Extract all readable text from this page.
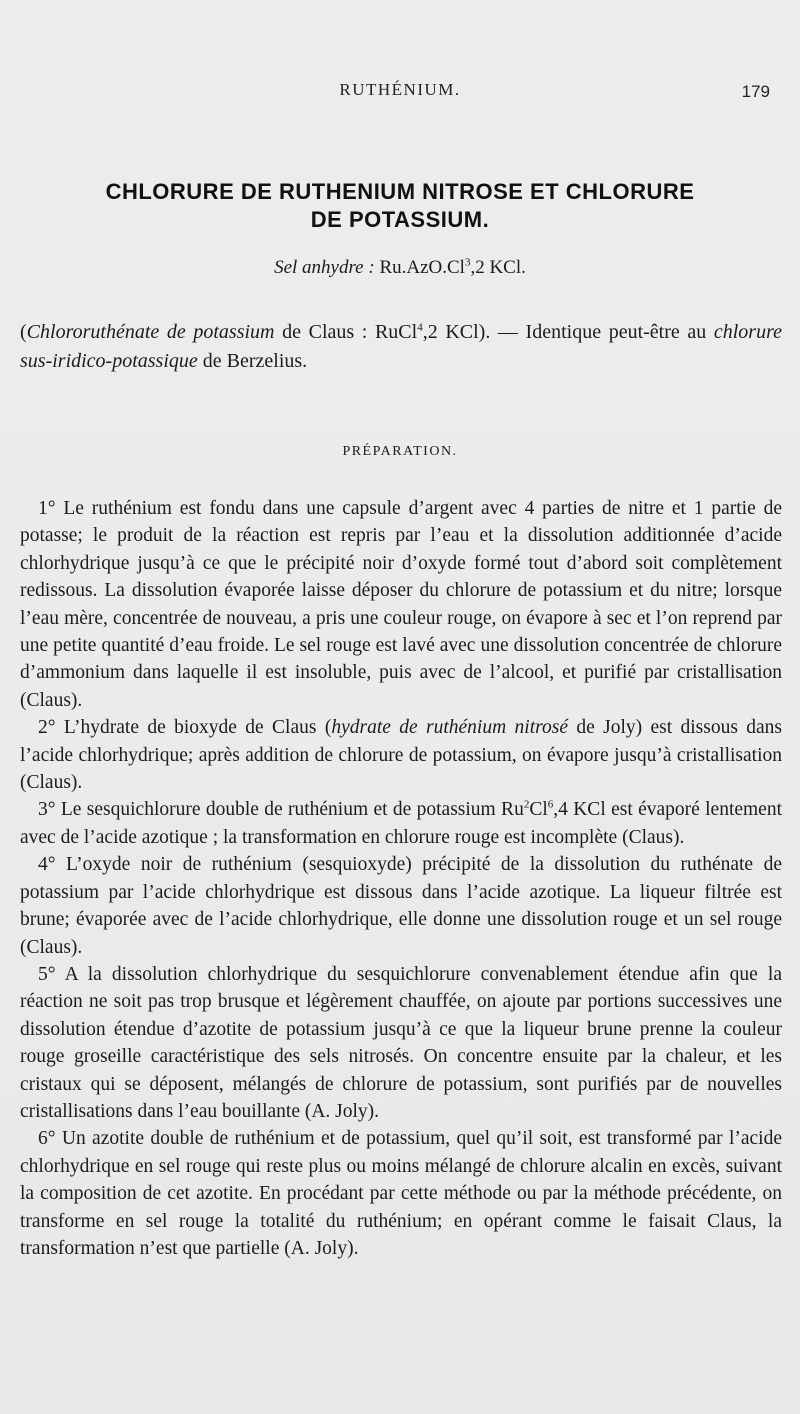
RUTHÉNIUM.	179
CHLORURE DE RUTHENIUM NITROSE ET CHLORURE
DE POTASSIUM.
Sel anhydre : Ru.AzO.Cl$^3$,2 KCl.
(Chlororuthénate de potassium de Claus : RuCl$^4$,2 KCl). — Identique peut-être au chlorure sus-iridico-potassique de Berzelius.
PRÉPARATION.

1° Le ruthénium est fondu dans une capsule d’argent avec 4 parties de nitre et 1 partie de potasse; le produit de la réaction est repris par l’eau et la dissolution additionnée d’acide chlorhydrique jusqu’à ce que le précipité noir d’oxyde formé tout d’abord soit complètement redissous. La dissolution évaporée laisse déposer du chlorure de potassium et du nitre; lorsque l’eau mère, concentrée de nouveau, a pris une couleur rouge, on évapore à sec et l’on reprend par une petite quantité d’eau froide. Le sel rouge est lavé avec une dissolution concentrée de chlorure d’ammonium dans laquelle il est insoluble, puis avec de l’alcool, et purifié par cristallisation (Claus).

2° L’hydrate de bioxyde de Claus (hydrate de ruthénium nitrosé de Joly) est dissous dans l’acide chlorhydrique; après addition de chlorure de potassium, on évapore jusqu’à cristallisation (Claus).

3° Le sesquichlorure double de ruthénium et de potassium Ru$^2$Cl$^6$,4 KCl est évaporé lentement avec de l’acide azotique ; la transformation en chlorure rouge est incomplète (Claus).

4° L’oxyde noir de ruthénium (sesquioxyde) précipité de la dissolution du ruthénate de potassium par l’acide chlorhydrique est dissous dans l’acide azotique. La liqueur filtrée est brune; évaporée avec de l’acide chlorhydrique, elle donne une dissolution rouge et un sel rouge (Claus).

5° A la dissolution chlorhydrique du sesquichlorure convenablement étendue afin que la réaction ne soit pas trop brusque et légèrement chauffée, on ajoute par portions successives une dissolution étendue d’azotite de potassium jusqu’à ce que la liqueur brune prenne la couleur rouge groseille caractéristique des sels nitrosés. On concentre ensuite par la chaleur, et les cristaux qui se déposent, mélangés de chlorure de potassium, sont purifiés par de nouvelles cristallisations dans l’eau bouillante (A. Joly).

6° Un azotite double de ruthénium et de potassium, quel qu’il soit, est transformé par l’acide chlorhydrique en sel rouge qui reste plus ou moins mélangé de chlorure alcalin en excès, suivant la composition de cet azotite. En procédant par cette méthode ou par la méthode précédente, on transforme en sel rouge la totalité du ruthénium; en opérant comme le faisait Claus, la transformation n’est que partielle (A. Joly).
